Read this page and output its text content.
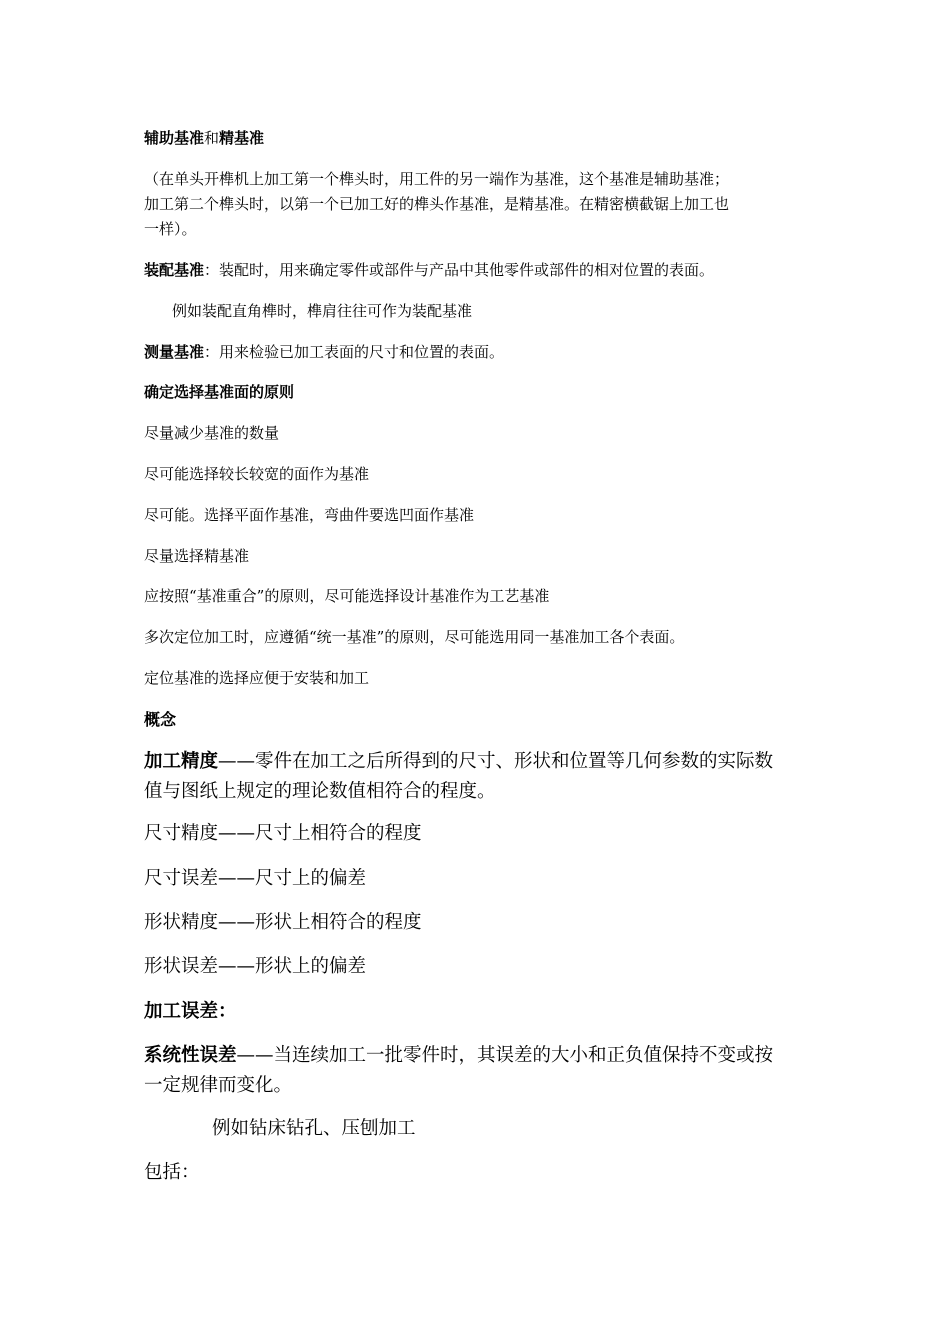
辅助基准和精基准
（在单头开榫机上加工第一个榫头时，用工件的另一端作为基准，这个基准是辅助基准；
加工第二个榫头时，以第一个已加工好的榫头作基准，是精基准。在精密横截锯上加工也
一样）。
装配基准：装配时，用来确定零件或部件与产品中其他零件或部件的相对位置的表面。
例如装配直角榫时，榫肩往往可作为装配基准
测量基准：用来检验已加工表面的尺寸和位置的表面。
确定选择基准面的原则
尽量减少基准的数量
尽可能选择较长较宽的面作为基准
尽可能。选择平面作基准，弯曲件要选凹面作基准
尽量选择精基准
应按照“基准重合”的原则，尽可能选择设计基准作为工艺基准
多次定位加工时，应遵循“统一基准”的原则，尽可能选用同一基准加工各个表面。
定位基准的选择应便于安装和加工
概念
加工精度——零件在加工之后所得到的尺寸、形状和位置等几何参数的实际数
值与图纸上规定的理论数值相符合的程度。
尺寸精度——尺寸上相符合的程度
尺寸误差——尺寸上的偏差
形状精度——形状上相符合的程度
形状误差——形状上的偏差
加工误差：
系统性误差——当连续加工一批零件时，其误差的大小和正负值保持不变或按
一定规律而变化。
例如钻床钻孔、压刨加工
包括：
